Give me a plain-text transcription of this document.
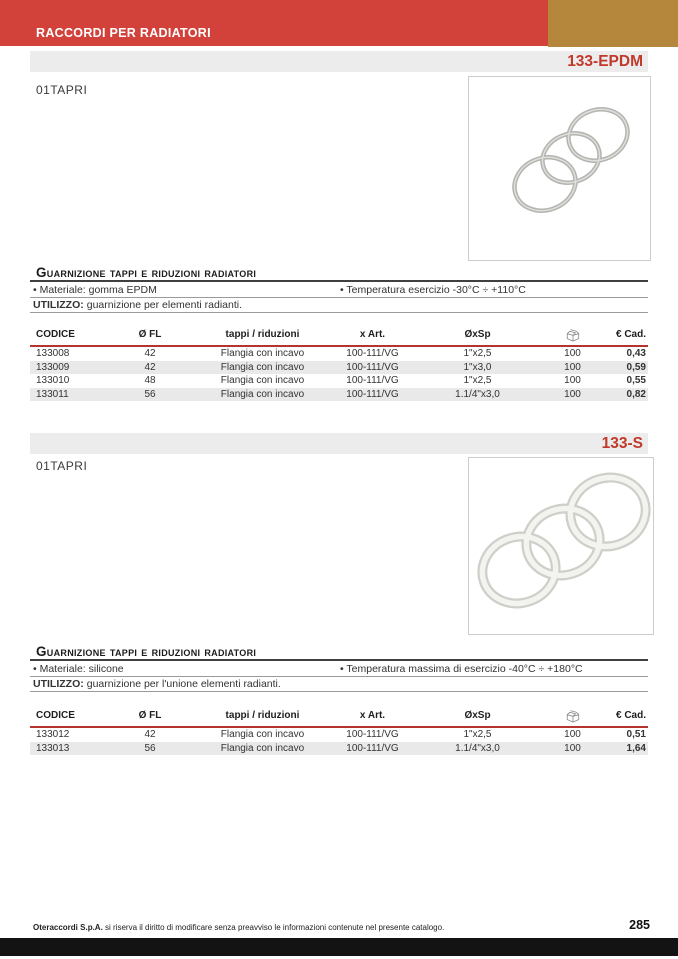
RACCORDI PER RADIATORI
133-EPDM
01TAPRI
Guarnizione tappi e riduzioni radiatori
• Materiale: gomma EPDM	• Temperatura esercizio -30°C ÷ +110°C
UTILIZZO: guarnizione per elementi radianti.
CODICE	Ø FL	tappi / riduzioni	x Art.	ØxSp		€ Cad.
133008	42	Flangia con incavo	100-111/VG	1"x2,5	100	0,43
133009	42	Flangia con incavo	100-111/VG	1"x3,0	100	0,59
133010	48	Flangia con incavo	100-111/VG	1"x2,5	100	0,55
133011	56	Flangia con incavo	100-111/VG	1.1/4"x3,0	100	0,82
133-S
01TAPRI
Guarnizione tappi e riduzioni radiatori
• Materiale: silicone	• Temperatura massima di esercizio -40°C ÷ +180°C
UTILIZZO: guarnizione per l'unione elementi radianti.
CODICE	Ø FL	tappi / riduzioni	x Art.	ØxSp		€ Cad.
133012	42	Flangia con incavo	100-111/VG	1"x2,5	100	0,51
133013	56	Flangia con incavo	100-111/VG	1.1/4"x3,0	100	1,64
Oteraccordi S.p.A. si riserva il diritto di modificare senza preavviso le informazioni contenute nel presente catalogo.	285
